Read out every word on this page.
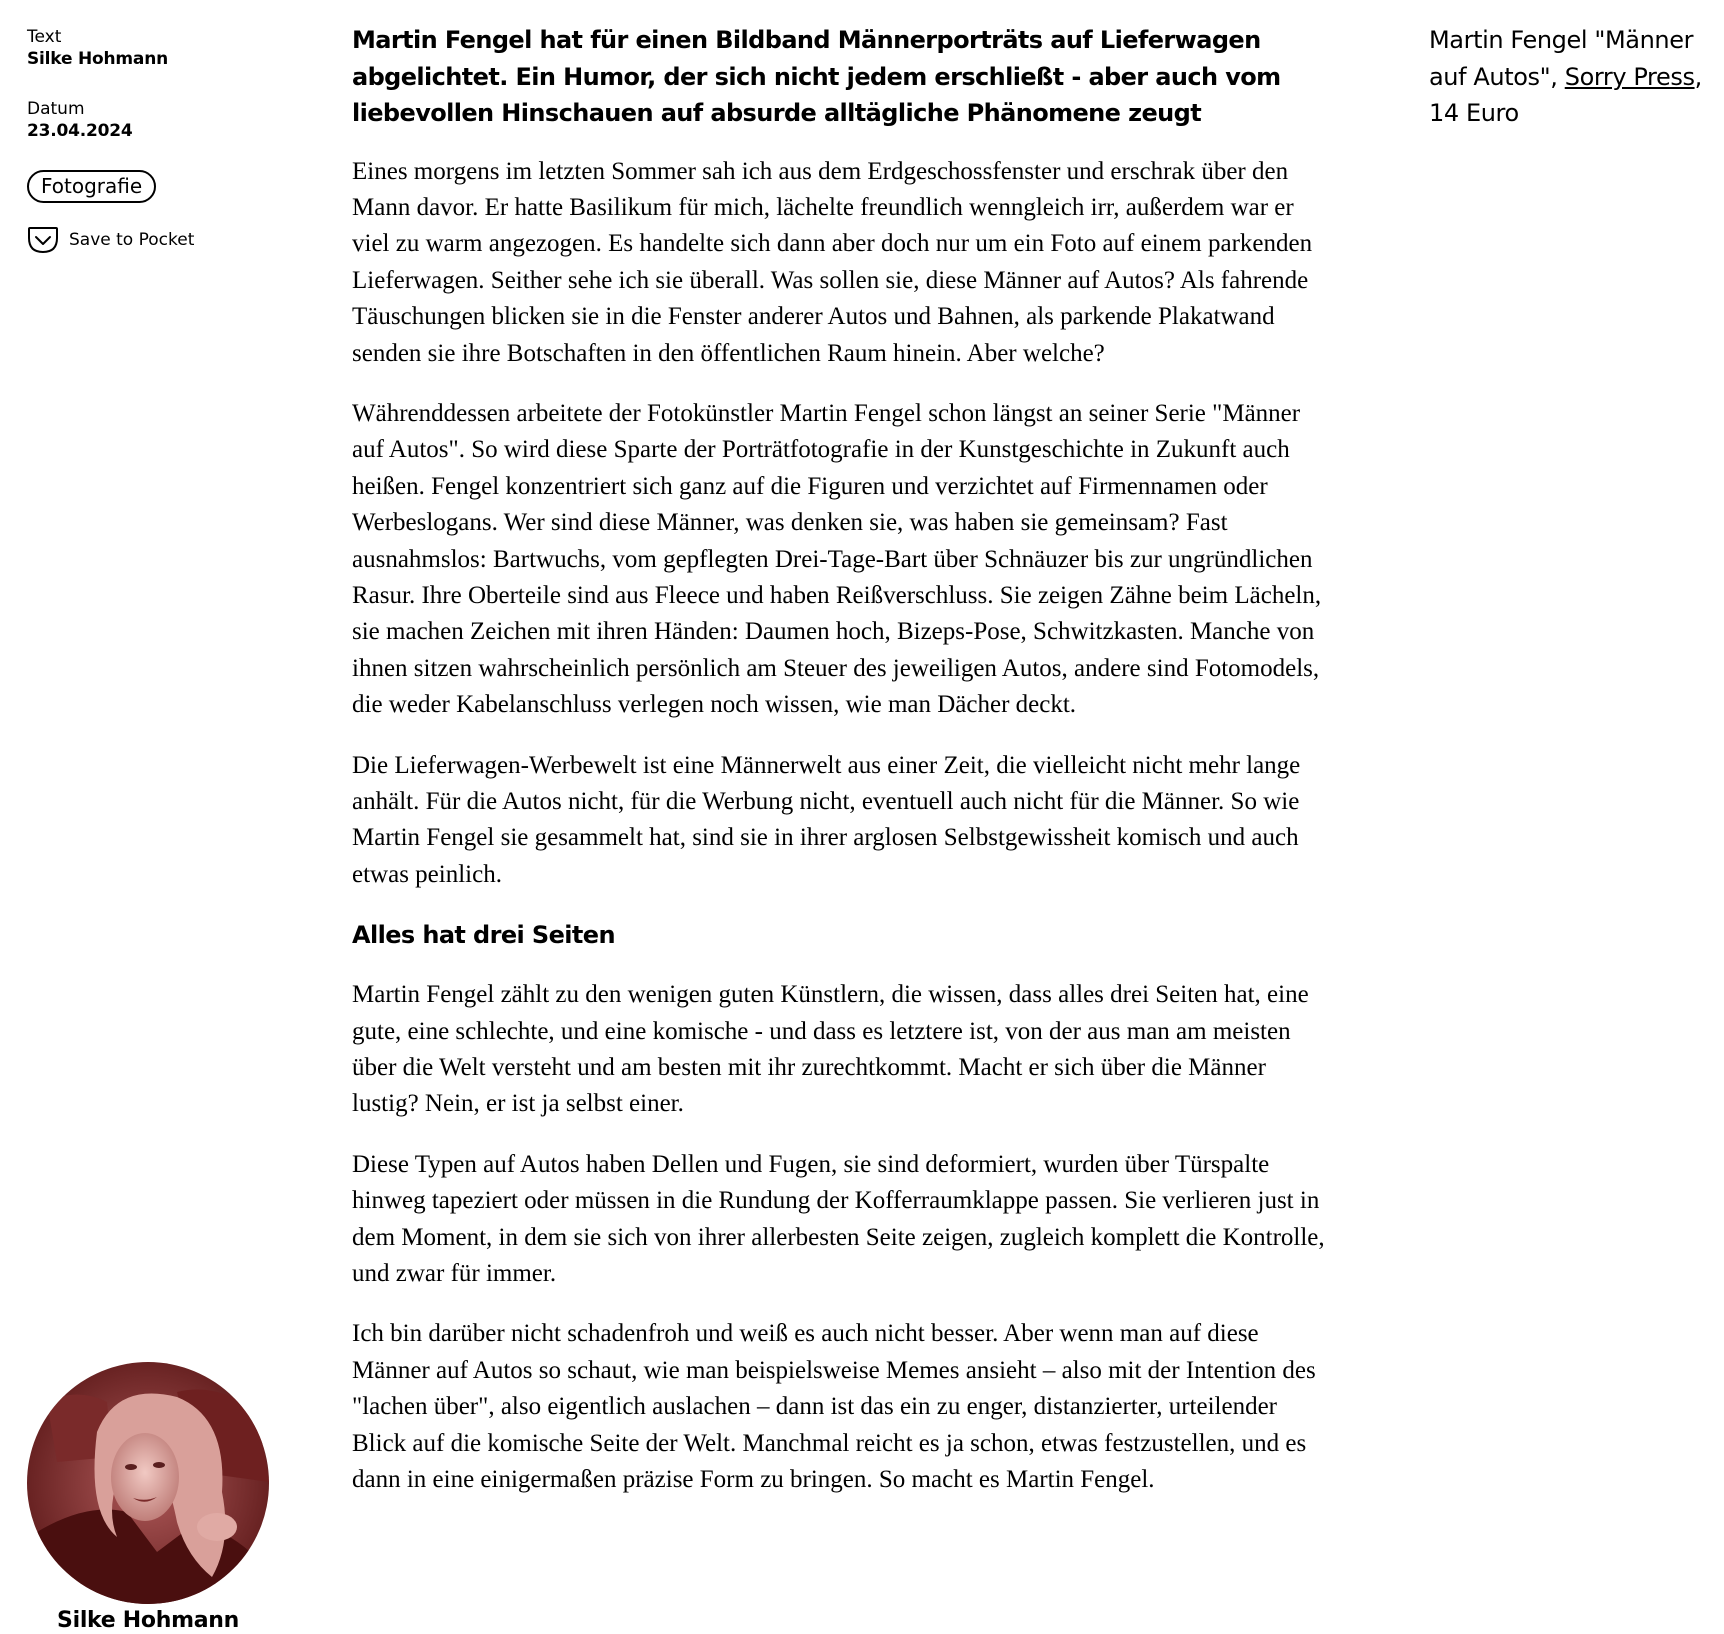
Text
Silke Hohmann
Datum
23.04.2024
Fotografie
Save to Pocket
Silke Hohmann

Martin Fengel hat für einen Bildband Männerporträts auf Lieferwagen abgelichtet. Ein Humor, der sich nicht jedem erschließt - aber auch vom liebevollen Hinschauen auf absurde alltägliche Phänomene zeugt

Eines morgens im letzten Sommer sah ich aus dem Erdgeschossfenster und erschrak über den Mann davor. Er hatte Basilikum für mich, lächelte freundlich wenngleich irr, außerdem war er viel zu warm angezogen. Es handelte sich dann aber doch nur um ein Foto auf einem parkenden Lieferwagen. Seither sehe ich sie überall. Was sollen sie, diese Männer auf Autos? Als fahrende Täuschungen blicken sie in die Fenster anderer Autos und Bahnen, als parkende Plakatwand senden sie ihre Botschaften in den öffentlichen Raum hinein. Aber welche?

Währenddessen arbeitete der Fotokünstler Martin Fengel schon längst an seiner Serie "Männer auf Autos". So wird diese Sparte der Porträtfotografie in der Kunstgeschichte in Zukunft auch heißen. Fengel konzentriert sich ganz auf die Figuren und verzichtet auf Firmennamen oder Werbeslogans. Wer sind diese Männer, was denken sie, was haben sie gemeinsam? Fast ausnahmslos: Bartwuchs, vom gepflegten Drei-Tage-Bart über Schnäuzer bis zur ungründlichen Rasur. Ihre Oberteile sind aus Fleece und haben Reißverschluss. Sie zeigen Zähne beim Lächeln, sie machen Zeichen mit ihren Händen: Daumen hoch, Bizeps-Pose, Schwitzkasten. Manche von ihnen sitzen wahrscheinlich persönlich am Steuer des jeweiligen Autos, andere sind Fotomodels, die weder Kabelanschluss verlegen noch wissen, wie man Dächer deckt.

Die Lieferwagen-Werbewelt ist eine Männerwelt aus einer Zeit, die vielleicht nicht mehr lange anhält. Für die Autos nicht, für die Werbung nicht, eventuell auch nicht für die Männer. So wie Martin Fengel sie gesammelt hat, sind sie in ihrer arglosen Selbstgewissheit komisch und auch etwas peinlich.

Alles hat drei Seiten

Martin Fengel zählt zu den wenigen guten Künstlern, die wissen, dass alles drei Seiten hat, eine gute, eine schlechte, und eine komische - und dass es letztere ist, von der aus man am meisten über die Welt versteht und am besten mit ihr zurechtkommt. Macht er sich über die Männer lustig? Nein, er ist ja selbst einer.

Diese Typen auf Autos haben Dellen und Fugen, sie sind deformiert, wurden über Türspalte hinweg tapeziert oder müssen in die Rundung der Kofferraumklappe passen. Sie verlieren just in dem Moment, in dem sie sich von ihrer allerbesten Seite zeigen, zugleich komplett die Kontrolle, und zwar für immer.

Ich bin darüber nicht schadenfroh und weiß es auch nicht besser. Aber wenn man auf diese Männer auf Autos so schaut, wie man beispielsweise Memes ansieht – also mit der Intention des "lachen über", also eigentlich auslachen – dann ist das ein zu enger, distanzierter, urteilender Blick auf die komische Seite der Welt. Manchmal reicht es ja schon, etwas festzustellen, und es dann in eine einigermaßen präzise Form zu bringen. So macht es Martin Fengel.

Martin Fengel "Männer auf Autos", Sorry Press, 14 Euro
